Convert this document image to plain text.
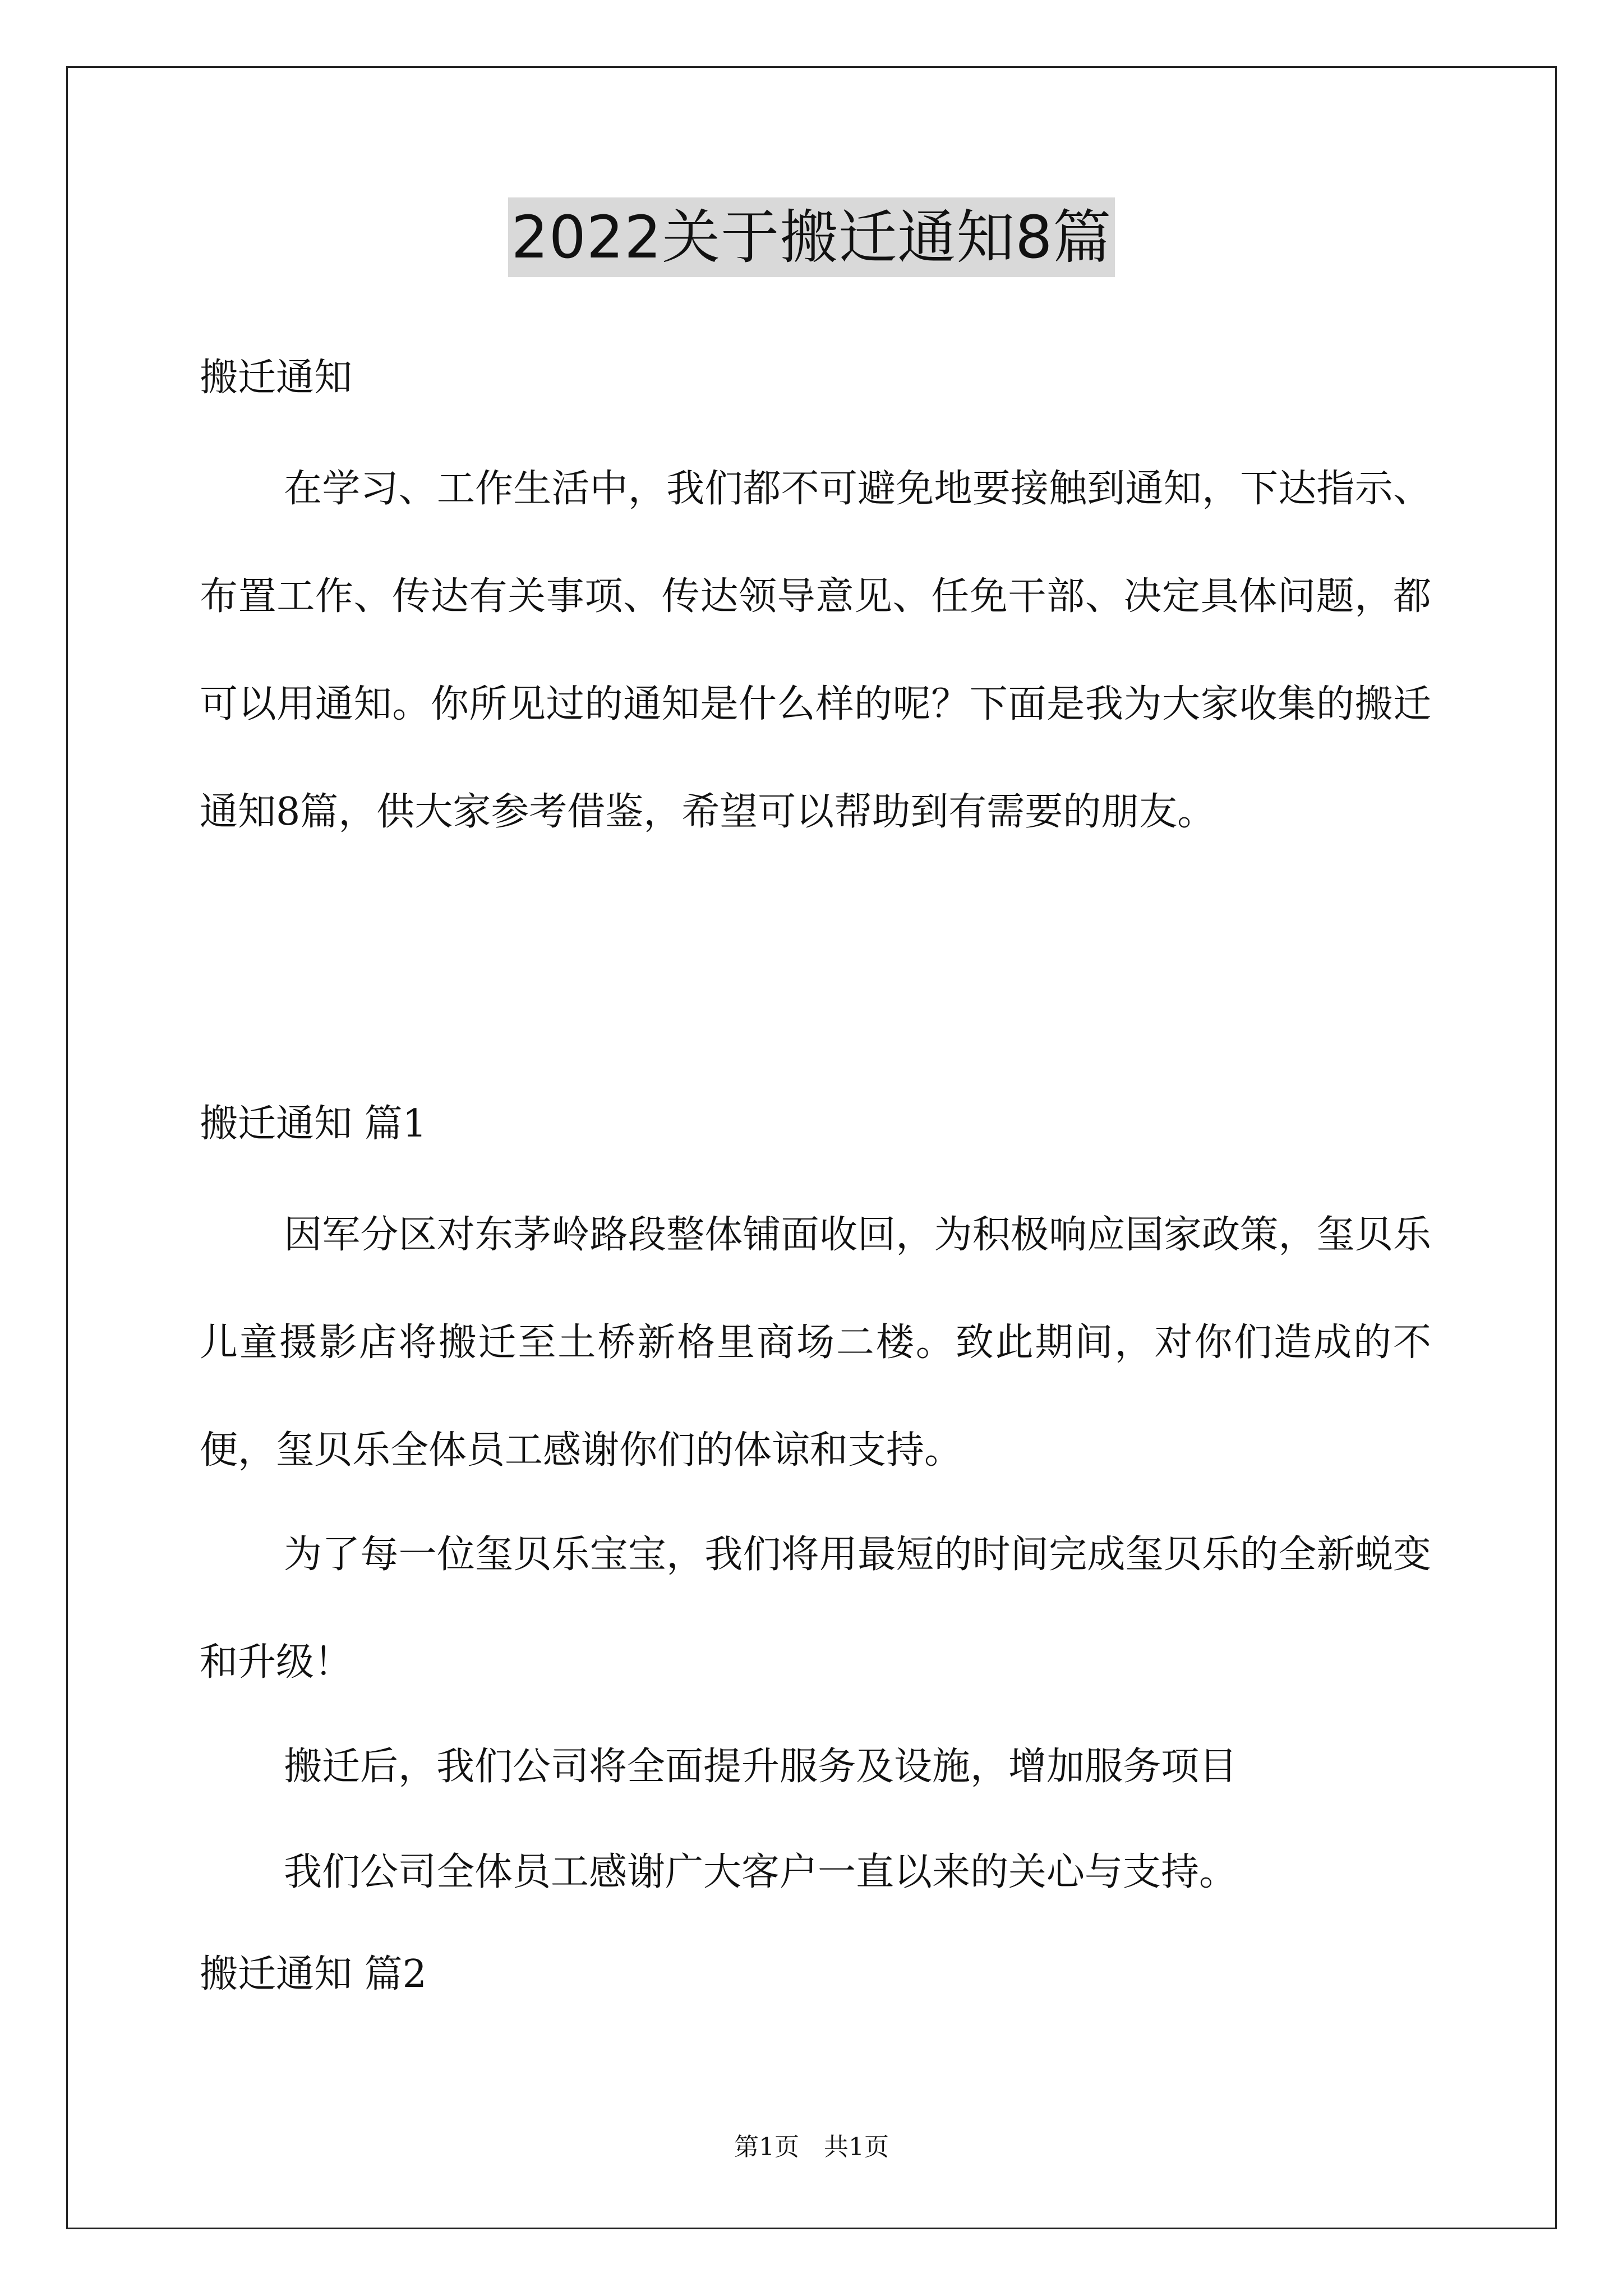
2022关于搬迁通知8篇
搬迁通知
在学习、工作生活中，我们都不可避免地要接触到通知，下达指示、布置工作、传达有关事项、传达领导意见、任免干部、决定具体问题，都可以用通知。你所见过的通知是什么样的呢？下面是我为大家收集的搬迁通知8篇，供大家参考借鉴，希望可以帮助到有需要的朋友。
搬迁通知 篇1
因军分区对东茅岭路段整体铺面收回，为积极响应国家政策，玺贝乐儿童摄影店将搬迁至土桥新格里商场二楼。致此期间，对你们造成的不便，玺贝乐全体员工感谢你们的体谅和支持。
为了每一位玺贝乐宝宝，我们将用最短的时间完成玺贝乐的全新蜕变和升级！
搬迁后，我们公司将全面提升服务及设施，增加服务项目
我们公司全体员工感谢广大客户一直以来的关心与支持。
搬迁通知 篇2
第1页　共1页
